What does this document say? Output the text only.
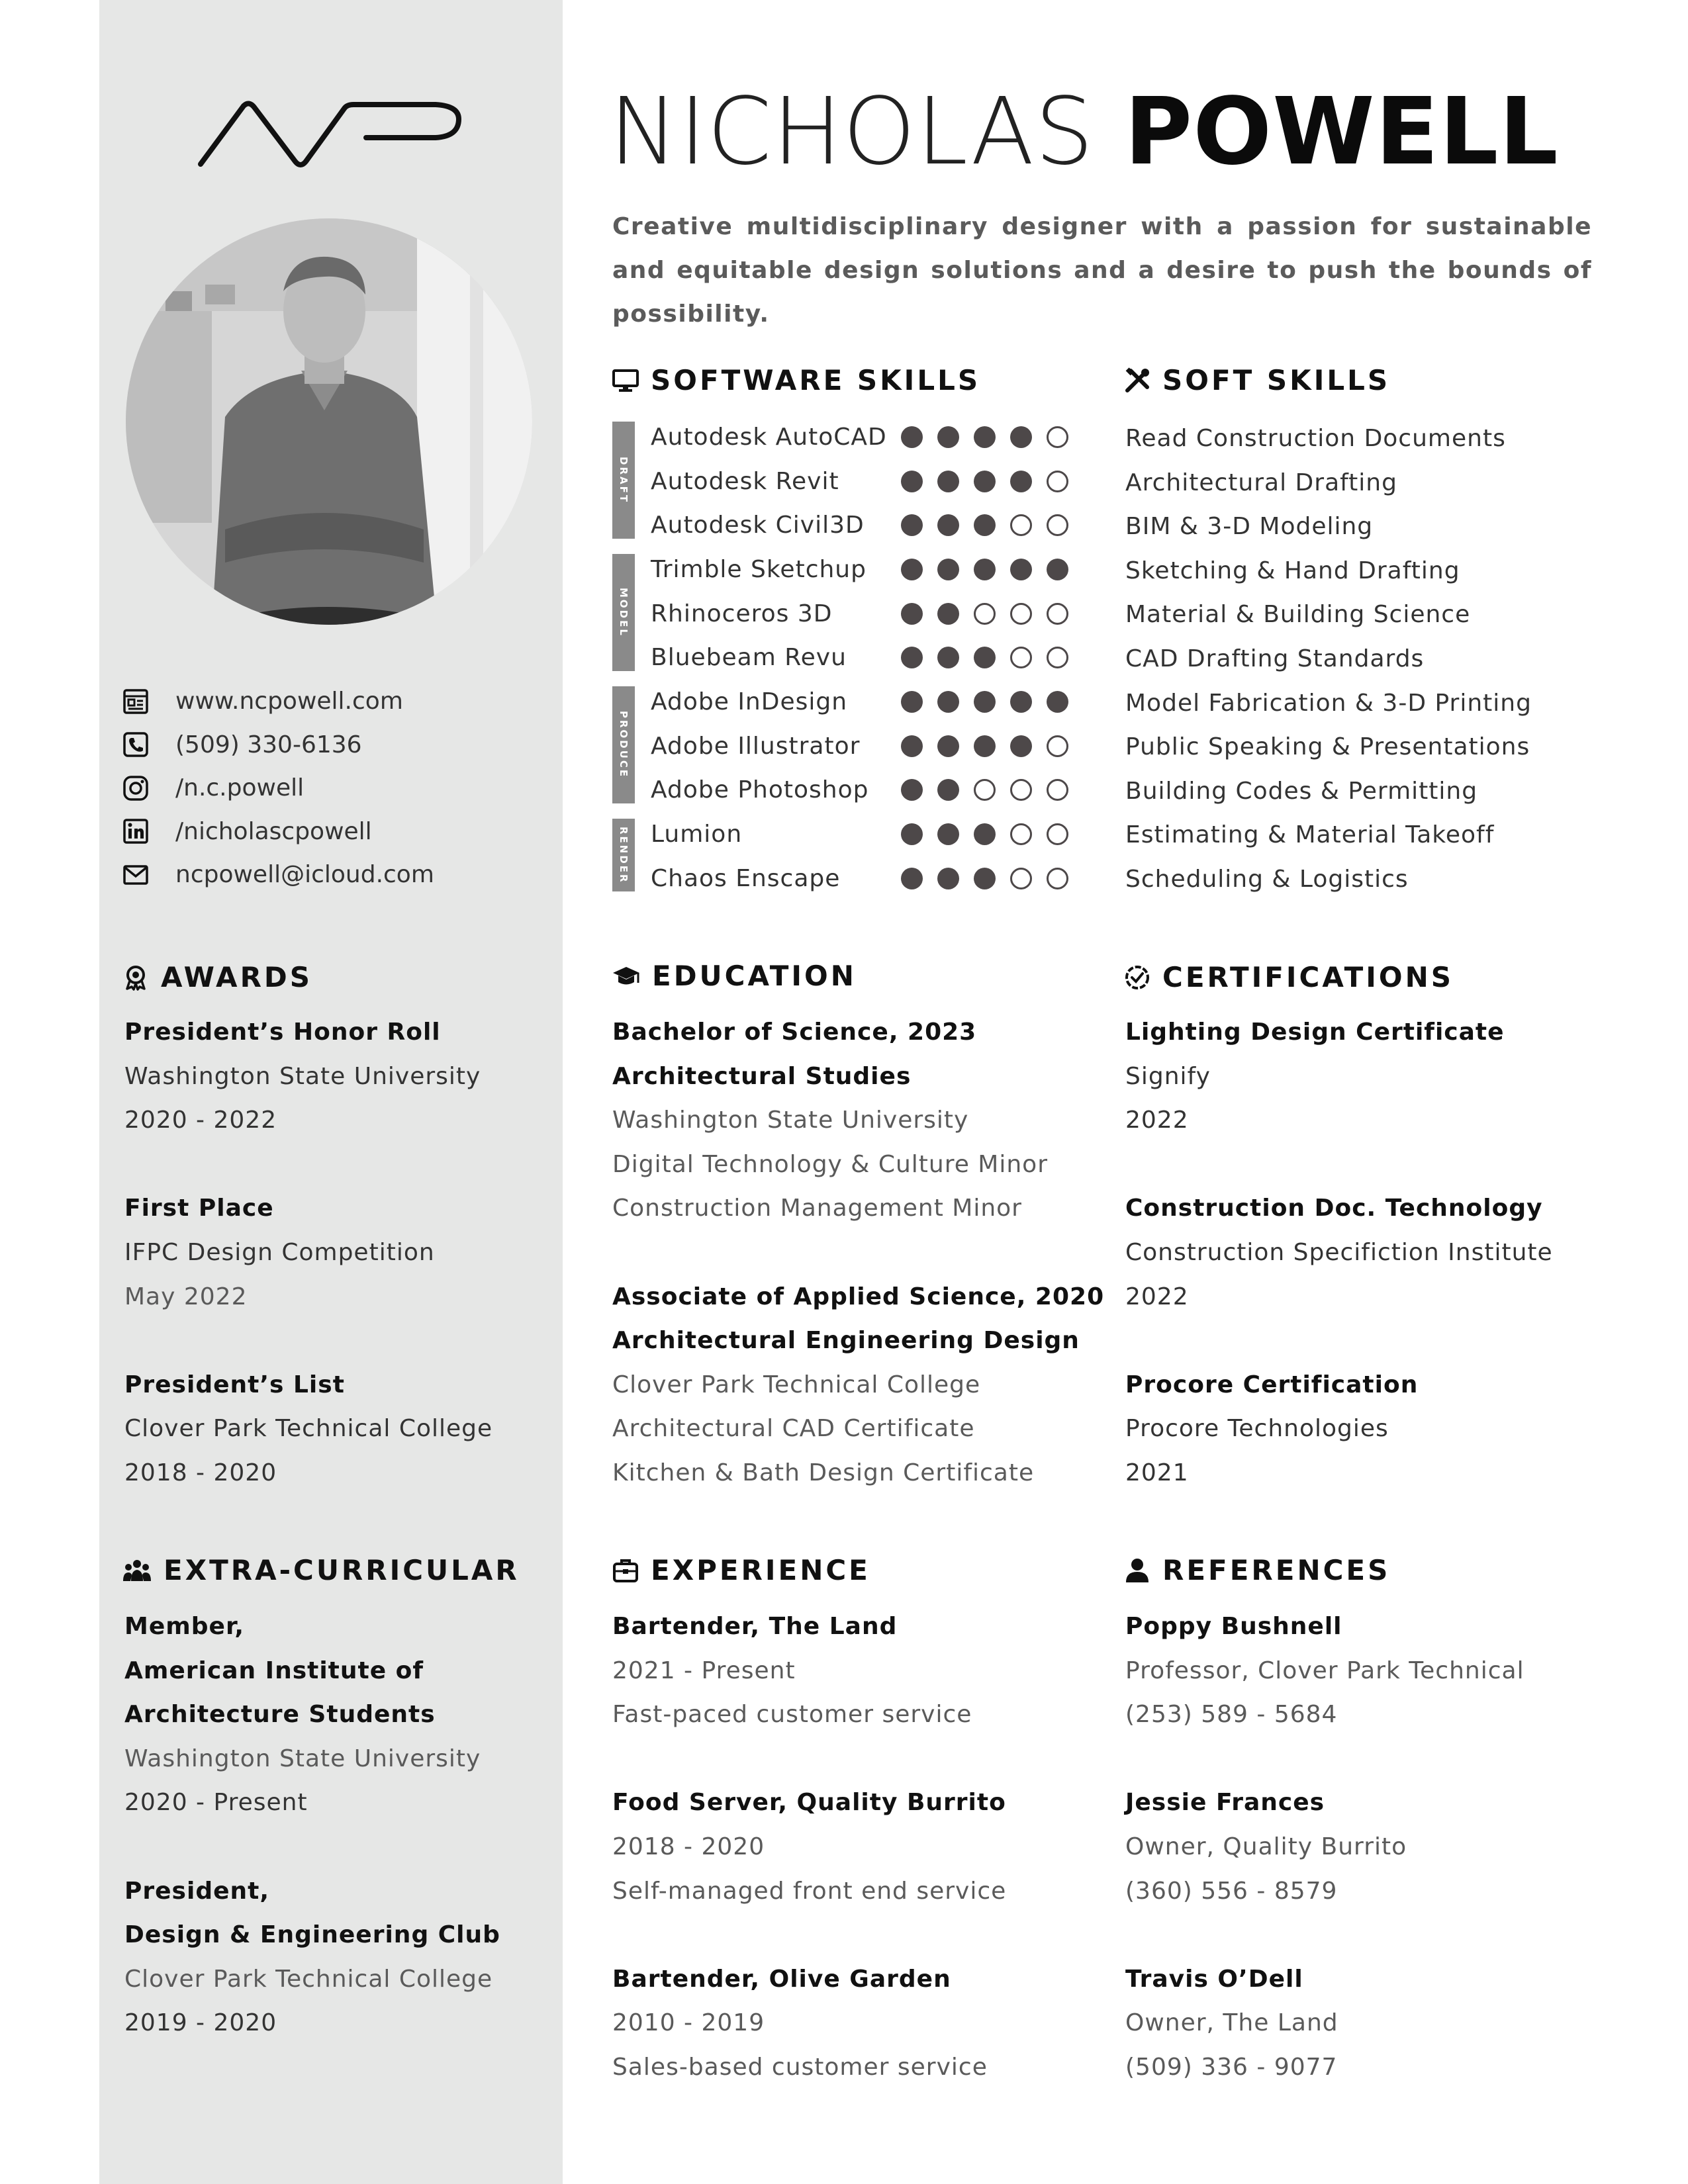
NICHOLAS POWELL
Creative multidisciplinary designer with a passion for sustainable and equitable design solutions and a desire to push the bounds of possibility.
www.ncpowell.com
(509) 330-6136
/n.c.powell
/nicholascpowell
ncpowell@icloud.com
SOFTWARE SKILLS
DRAFT
MODEL
PRODUCE
RENDER
Autodesk AutoCAD
Autodesk Revit
Autodesk Civil3D
Trimble Sketchup
Rhinoceros 3D
Bluebeam Revu
Adobe InDesign
Adobe Illustrator
Adobe Photoshop
Lumion
Chaos Enscape
SOFT SKILLS
Read Construction Documents
Architectural Drafting
BIM & 3-D Modeling
Sketching & Hand Drafting
Material & Building Science
CAD Drafting Standards
Model Fabrication & 3-D Printing
Public Speaking & Presentations
Building Codes & Permitting
Estimating & Material Takeoff
Scheduling & Logistics
AWARDS
President’s Honor Roll
Washington State University
2020 - 2022

First Place
IFPC Design Competition
May 2022

President’s List
Clover Park Technical College
2018 - 2020
EDUCATION
Bachelor of Science, 2023
Architectural Studies
Washington State University
Digital Technology & Culture Minor
Construction Management Minor

Associate of Applied Science, 2020
Architectural Engineering Design
Clover Park Technical College
Architectural CAD Certificate
Kitchen & Bath Design Certificate
CERTIFICATIONS
Lighting Design Certificate
Signify
2022

Construction Doc. Technology
Construction Specifiction Institute
2022

Procore Certification
Procore Technologies
2021
EXTRA-CURRICULAR
Member,
American Institute of
Architecture Students
Washington State University
2020 - Present

President,
Design & Engineering Club
Clover Park Technical College
2019 - 2020
EXPERIENCE
Bartender, The Land
2021 - Present
Fast-paced customer service

Food Server, Quality Burrito
2018 - 2020
Self-managed front end service

Bartender, Olive Garden
2010 - 2019
Sales-based customer service
REFERENCES
Poppy Bushnell
Professor, Clover Park Technical
(253) 589 - 5684

Jessie Frances
Owner, Quality Burrito
(360) 556 - 8579

Travis O’Dell
Owner, The Land
(509) 336 - 9077
